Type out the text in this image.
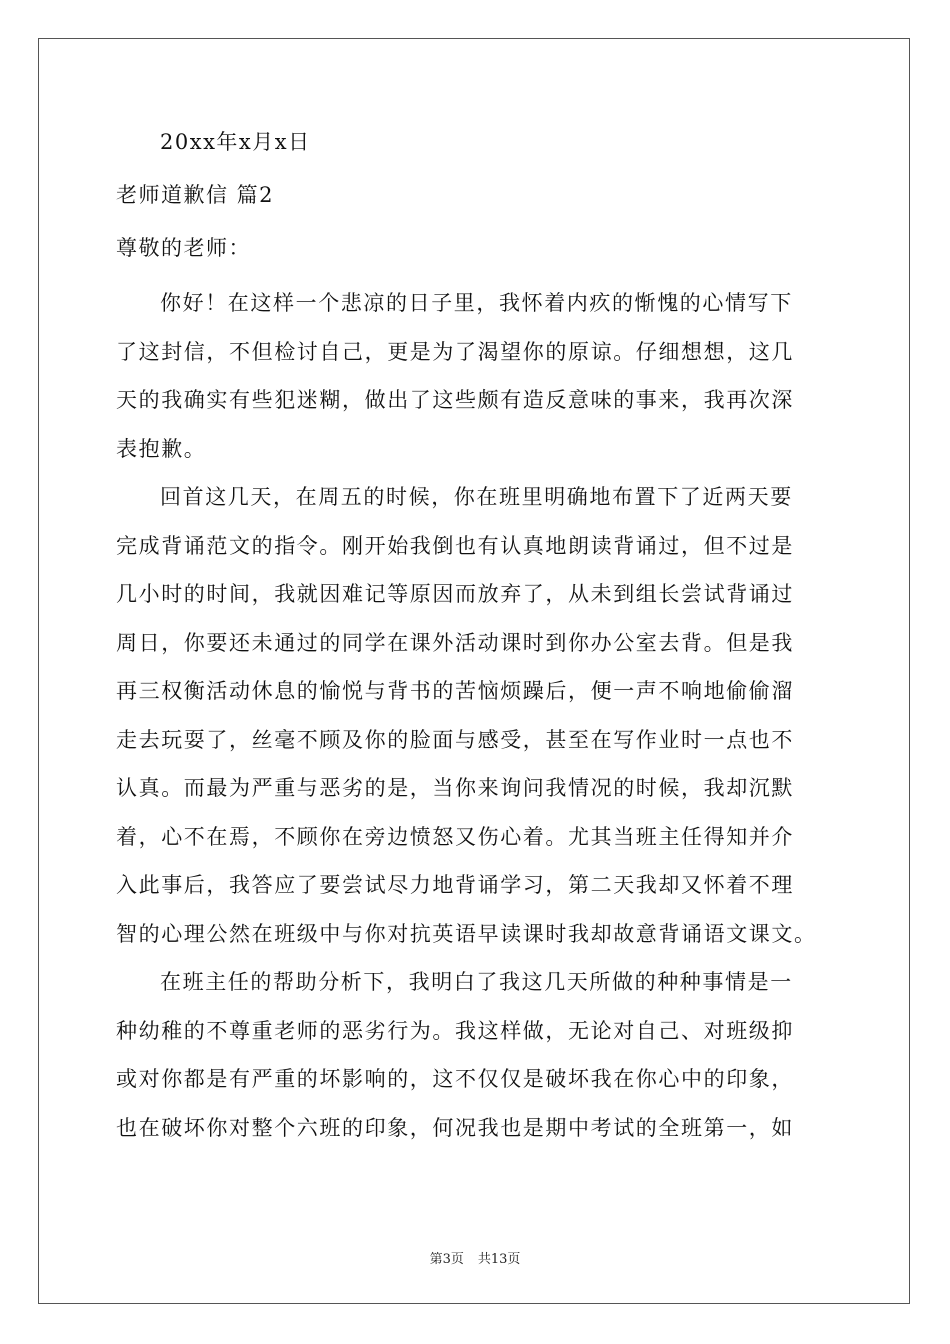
20xx年x月x日
老师道歉信 篇2
尊敬的老师：
你好！在这样一个悲凉的日子里，我怀着内疚的惭愧的心情写下
了这封信，不但检讨自己，更是为了渴望你的原谅。仔细想想，这几
天的我确实有些犯迷糊，做出了这些颇有造反意味的事来，我再次深
表抱歉。
回首这几天，在周五的时候，你在班里明确地布置下了近两天要
完成背诵范文的指令。刚开始我倒也有认真地朗读背诵过，但不过是
几小时的时间，我就因难记等原因而放弃了，从未到组长尝试背诵过
周日，你要还未通过的同学在课外活动课时到你办公室去背。但是我
再三权衡活动休息的愉悦与背书的苦恼烦躁后，便一声不响地偷偷溜
走去玩耍了，丝毫不顾及你的脸面与感受，甚至在写作业时一点也不
认真。而最为严重与恶劣的是，当你来询问我情况的时候，我却沉默
着，心不在焉，不顾你在旁边愤怒又伤心着。尤其当班主任得知并介
入此事后，我答应了要尝试尽力地背诵学习，第二天我却又怀着不理
智的心理公然在班级中与你对抗英语早读课时我却故意背诵语文课文。
在班主任的帮助分析下，我明白了我这几天所做的种种事情是一
种幼稚的不尊重老师的恶劣行为。我这样做，无论对自己、对班级抑
或对你都是有严重的坏影响的，这不仅仅是破坏我在你心中的印象，
也在破坏你对整个六班的印象，何况我也是期中考试的全班第一，如
第3页 共13页
